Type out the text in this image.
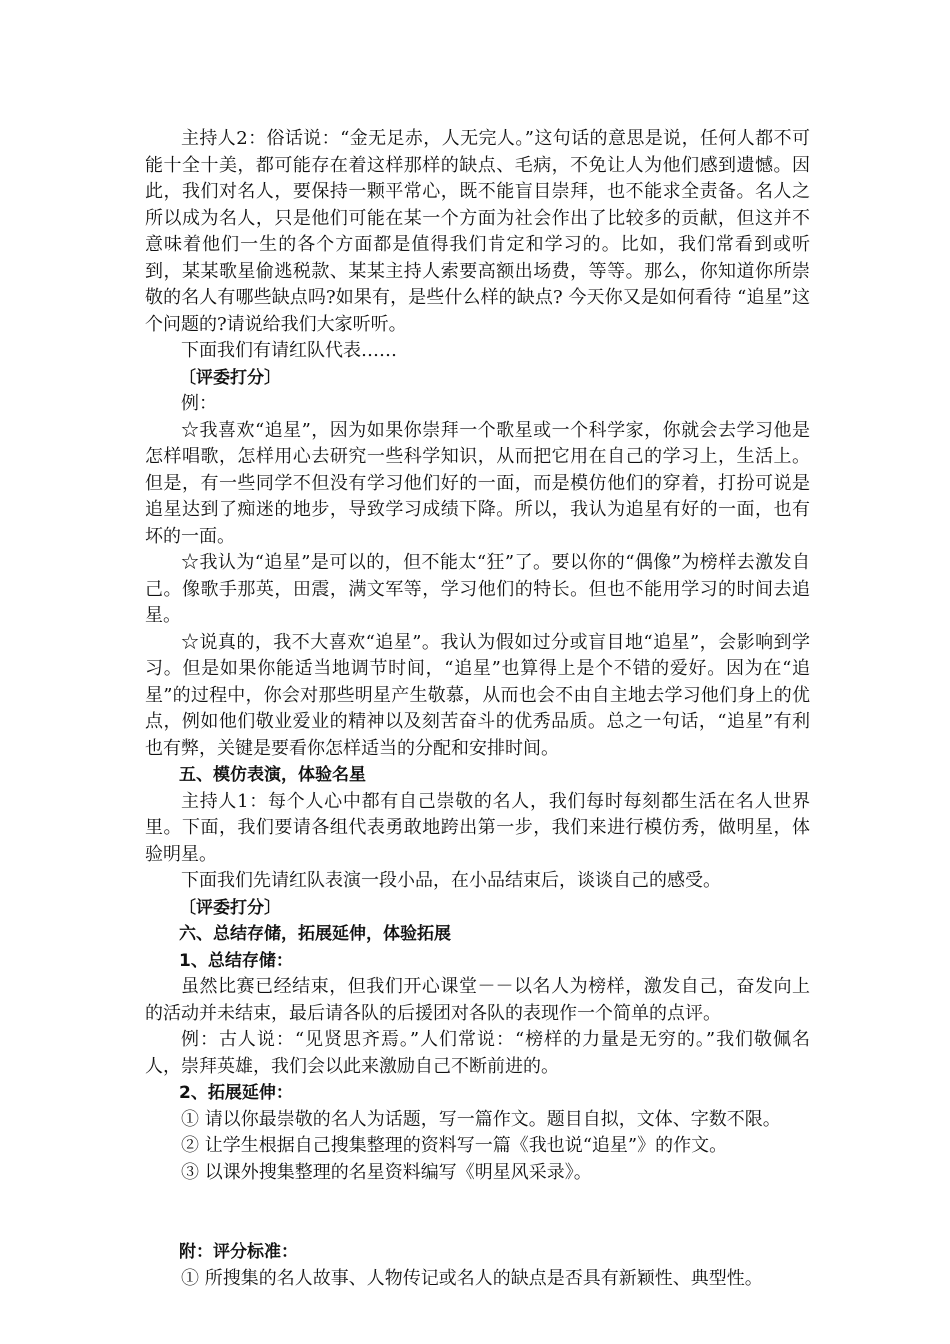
主持人2：俗话说：“金无足赤，人无完人。”这句话的意思是说，任何人都不可能十全十美，都可能存在着这样那样的缺点、毛病，不免让人为他们感到遗憾。因此，我们对名人，要保持一颗平常心，既不能盲目崇拜，也不能求全责备。名人之所以成为名人，只是他们可能在某一个方面为社会作出了比较多的贡献，但这并不意味着他们一生的各个方面都是值得我们肯定和学习的。比如，我们常看到或听到，某某歌星偷逃税款、某某主持人索要高额出场费，等等。那么，你知道你所崇敬的名人有哪些缺点吗?如果有，是些什么样的缺点? 今天你又是如何看待 “追星”这个问题的?请说给我们大家听听。

下面我们有请红队代表……

〔评委打分〕

例：

☆我喜欢“追星”，因为如果你崇拜一个歌星或一个科学家，你就会去学习他是怎样唱歌，怎样用心去研究一些科学知识，从而把它用在自己的学习上，生活上。但是，有一些同学不但没有学习他们好的一面，而是模仿他们的穿着，打扮可说是追星达到了痴迷的地步，导致学习成绩下降。所以，我认为追星有好的一面，也有坏的一面。

☆我认为“追星”是可以的，但不能太“狂”了。要以你的“偶像”为榜样去激发自己。像歌手那英，田震，满文军等，学习他们的特长。但也不能用学习的时间去追星。

☆说真的，我不大喜欢“追星”。我认为假如过分或盲目地“追星”，会影响到学习。但是如果你能适当地调节时间，“追星”也算得上是个不错的爱好。因为在“追星”的过程中，你会对那些明星产生敬慕，从而也会不由自主地去学习他们身上的优点，例如他们敬业爱业的精神以及刻苦奋斗的优秀品质。总之一句话，“追星”有利也有弊，关键是要看你怎样适当的分配和安排时间。

五、模仿表演，体验名星

主持人1：每个人心中都有自己崇敬的名人，我们每时每刻都生活在名人世界里。下面，我们要请各组代表勇敢地跨出第一步，我们来进行模仿秀，做明星，体验明星。

下面我们先请红队表演一段小品，在小品结束后，谈谈自己的感受。

〔评委打分〕

六、总结存储，拓展延伸，体验拓展

1、总结存储：

虽然比赛已经结束，但我们开心课堂－－以名人为榜样，激发自己，奋发向上的活动并未结束，最后请各队的后援团对各队的表现作一个简单的点评。

例：古人说：“见贤思齐焉。”人们常说：“榜样的力量是无穷的。”我们敬佩名人，崇拜英雄，我们会以此来激励自己不断前进的。

2、拓展延伸：

① 请以你最崇敬的名人为话题，写一篇作文。题目自拟，文体、字数不限。

② 让学生根据自己搜集整理的资料写一篇《我也说“追星”》的作文。

③ 以课外搜集整理的名星资料编写《明星风采录》。

附：评分标准：

① 所搜集的名人故事、人物传记或名人的缺点是否具有新颖性、典型性。
